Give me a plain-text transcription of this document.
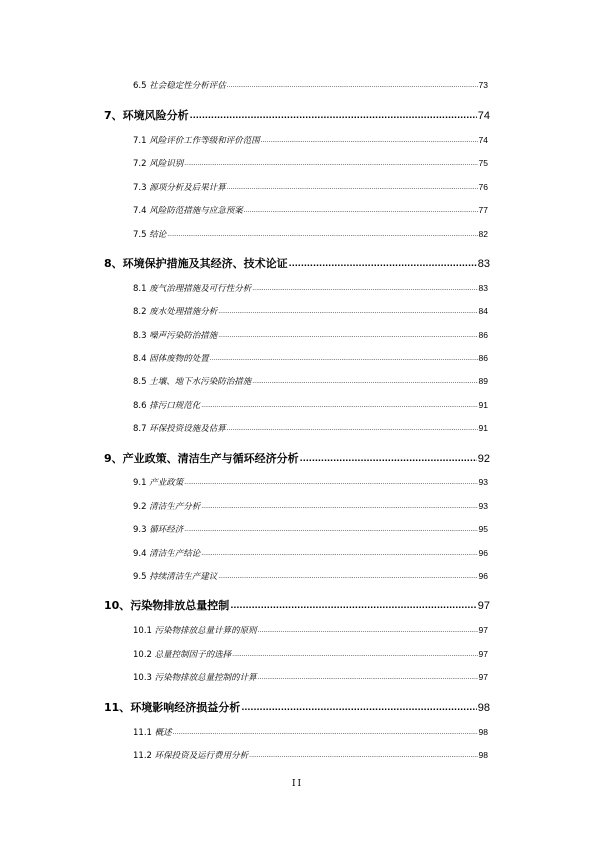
6.5 社会稳定性分析评估 .....	73
7、环境风险分析 .....	74
7.1 风险评价工作等级和评价范围 .....	74
7.2 风险识别 .....	75
7.3 源项分析及后果计算 .....	76
7.4 风险防范措施与应急预案 .....	77
7.5 结论 .....	82
8、环境保护措施及其经济、技术论证 .....	83
8.1 废气治理措施及可行性分析 .....	83
8.2 废水处理措施分析 .....	84
8.3 噪声污染防治措施 .....	86
8.4 固体废物的处置 .....	86
8.5 土壤、地下水污染防治措施 .....	89
8.6 排污口规范化 .....	91
8.7 环保投资设施及估算 .....	91
9、产业政策、清洁生产与循环经济分析 .....	92
9.1 产业政策 .....	93
9.2 清洁生产分析 .....	93
9.3 循环经济 .....	95
9.4 清洁生产结论 .....	96
9.5 持续清洁生产建议 .....	96
10、污染物排放总量控制 .....	97
10.1 污染物排放总量计算的原则 .....	97
10.2 总量控制因子的选择 .....	97
10.3 污染物排放总量控制的计算 .....	97
11、环境影响经济损益分析 .....	98
11.1 概述 .....	98
11.2 环保投资及运行费用分析 .....	98
II
